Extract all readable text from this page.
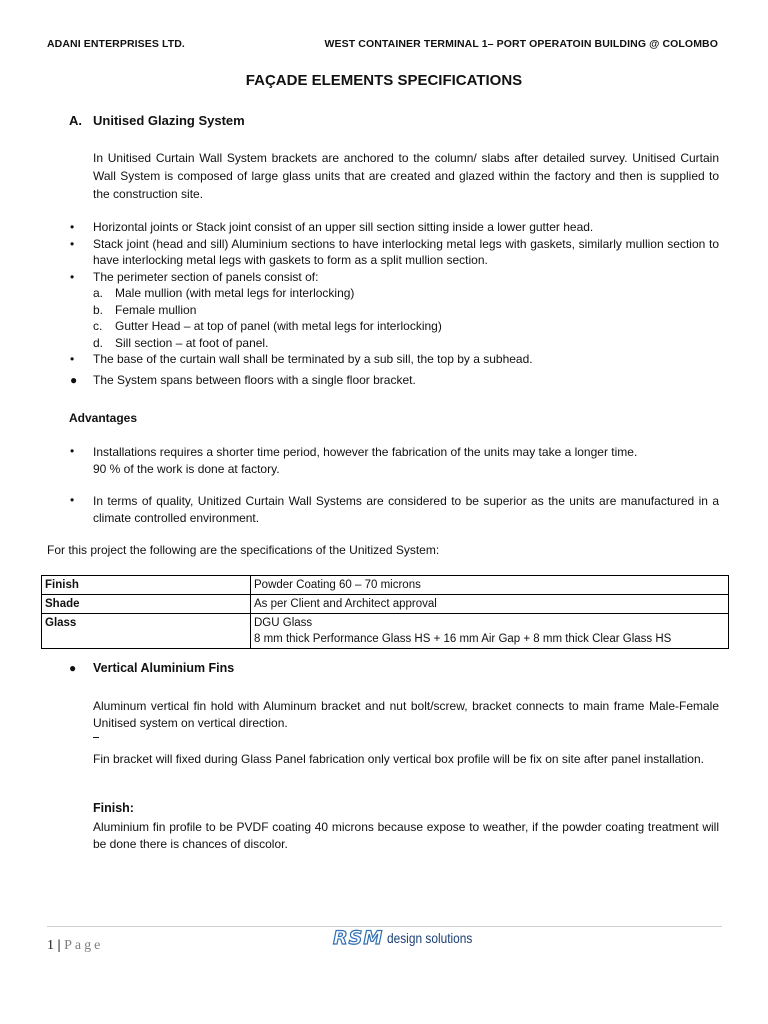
ADANI ENTERPRISES LTD.	WEST CONTAINER TERMINAL 1– PORT OPERATOIN BUILDING @ COLOMBO
FAÇADE ELEMENTS SPECIFICATIONS
A. Unitised Glazing System
In Unitised Curtain Wall System brackets are anchored to the column/ slabs after detailed survey. Unitised Curtain Wall System is composed of large glass units that are created and glazed within the factory and then is supplied to the construction site.
• Horizontal joints or Stack joint consist of an upper sill section sitting inside a lower gutter head.
• Stack joint (head and sill) Aluminium sections to have interlocking metal legs with gaskets, similarly mullion section to have interlocking metal legs with gaskets to form as a split mullion section.
• The perimeter section of panels consist of:
a. Male mullion (with metal legs for interlocking)
b. Female mullion
c. Gutter Head – at top of panel (with metal legs for interlocking)
d. Sill section – at foot of panel.
• The base of the curtain wall shall be terminated by a sub sill, the top by a subhead.
● The System spans between floors with a single floor bracket.
Advantages
• Installations requires a shorter time period, however the fabrication of the units may take a longer time.
90 % of the work is done at factory.
• In terms of quality, Unitized Curtain Wall Systems are considered to be superior as the units are manufactured in a climate controlled environment.
For this project the following are the specifications of the Unitized System:
Finish	Powder Coating 60 – 70 microns
Shade	As per Client and Architect approval
Glass	DGU Glass
8 mm thick Performance Glass HS + 16 mm Air Gap + 8 mm thick Clear Glass HS
● Vertical Aluminium Fins
Aluminum vertical fin hold with Aluminum bracket and nut bolt/screw, bracket connects to main frame Male-Female Unitised system on vertical direction.
Fin bracket will fixed during Glass Panel fabrication only vertical box profile will be fix on site after panel installation.
Finish:
Aluminium fin profile to be PVDF coating 40 microns because expose to weather, if the powder coating treatment will be done there is chances of discolor.
1 | Page	RSM design solutions
